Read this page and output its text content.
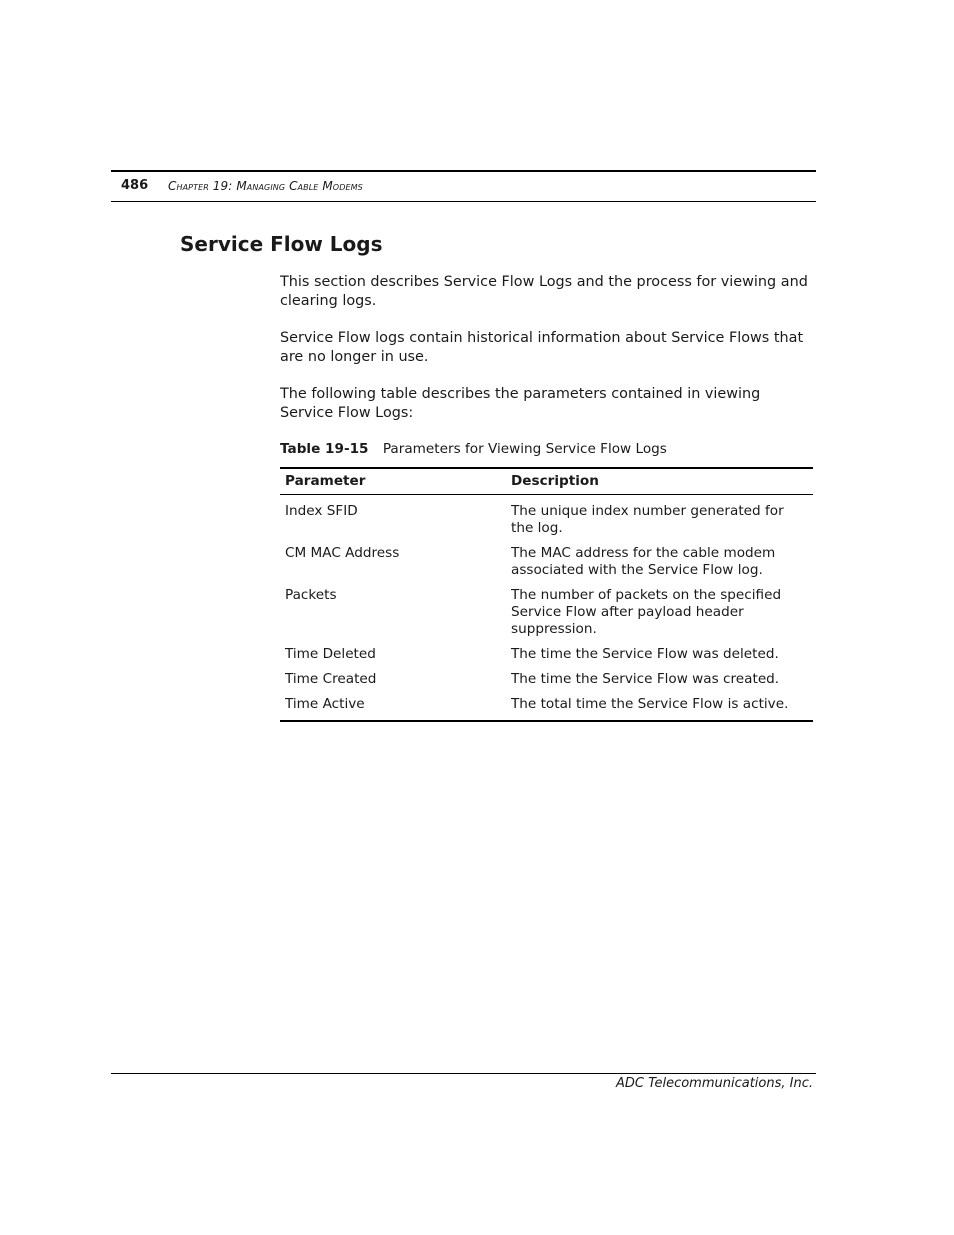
486 Chapter 19: Managing Cable Modems
Service Flow Logs

This section describes Service Flow Logs and the process for viewing and clearing logs.

Service Flow logs contain historical information about Service Flows that are no longer in use.

The following table describes the parameters contained in viewing Service Flow Logs:

Table 19-15 Parameters for Viewing Service Flow Logs
Parameter	Description
Index SFID	The unique index number generated for the log.
CM MAC Address	The MAC address for the cable modem associated with the Service Flow log.
Packets	The number of packets on the specified Service Flow after payload header suppression.
Time Deleted	The time the Service Flow was deleted.
Time Created	The time the Service Flow was created.
Time Active	The total time the Service Flow is active.
ADC Telecommunications, Inc.
